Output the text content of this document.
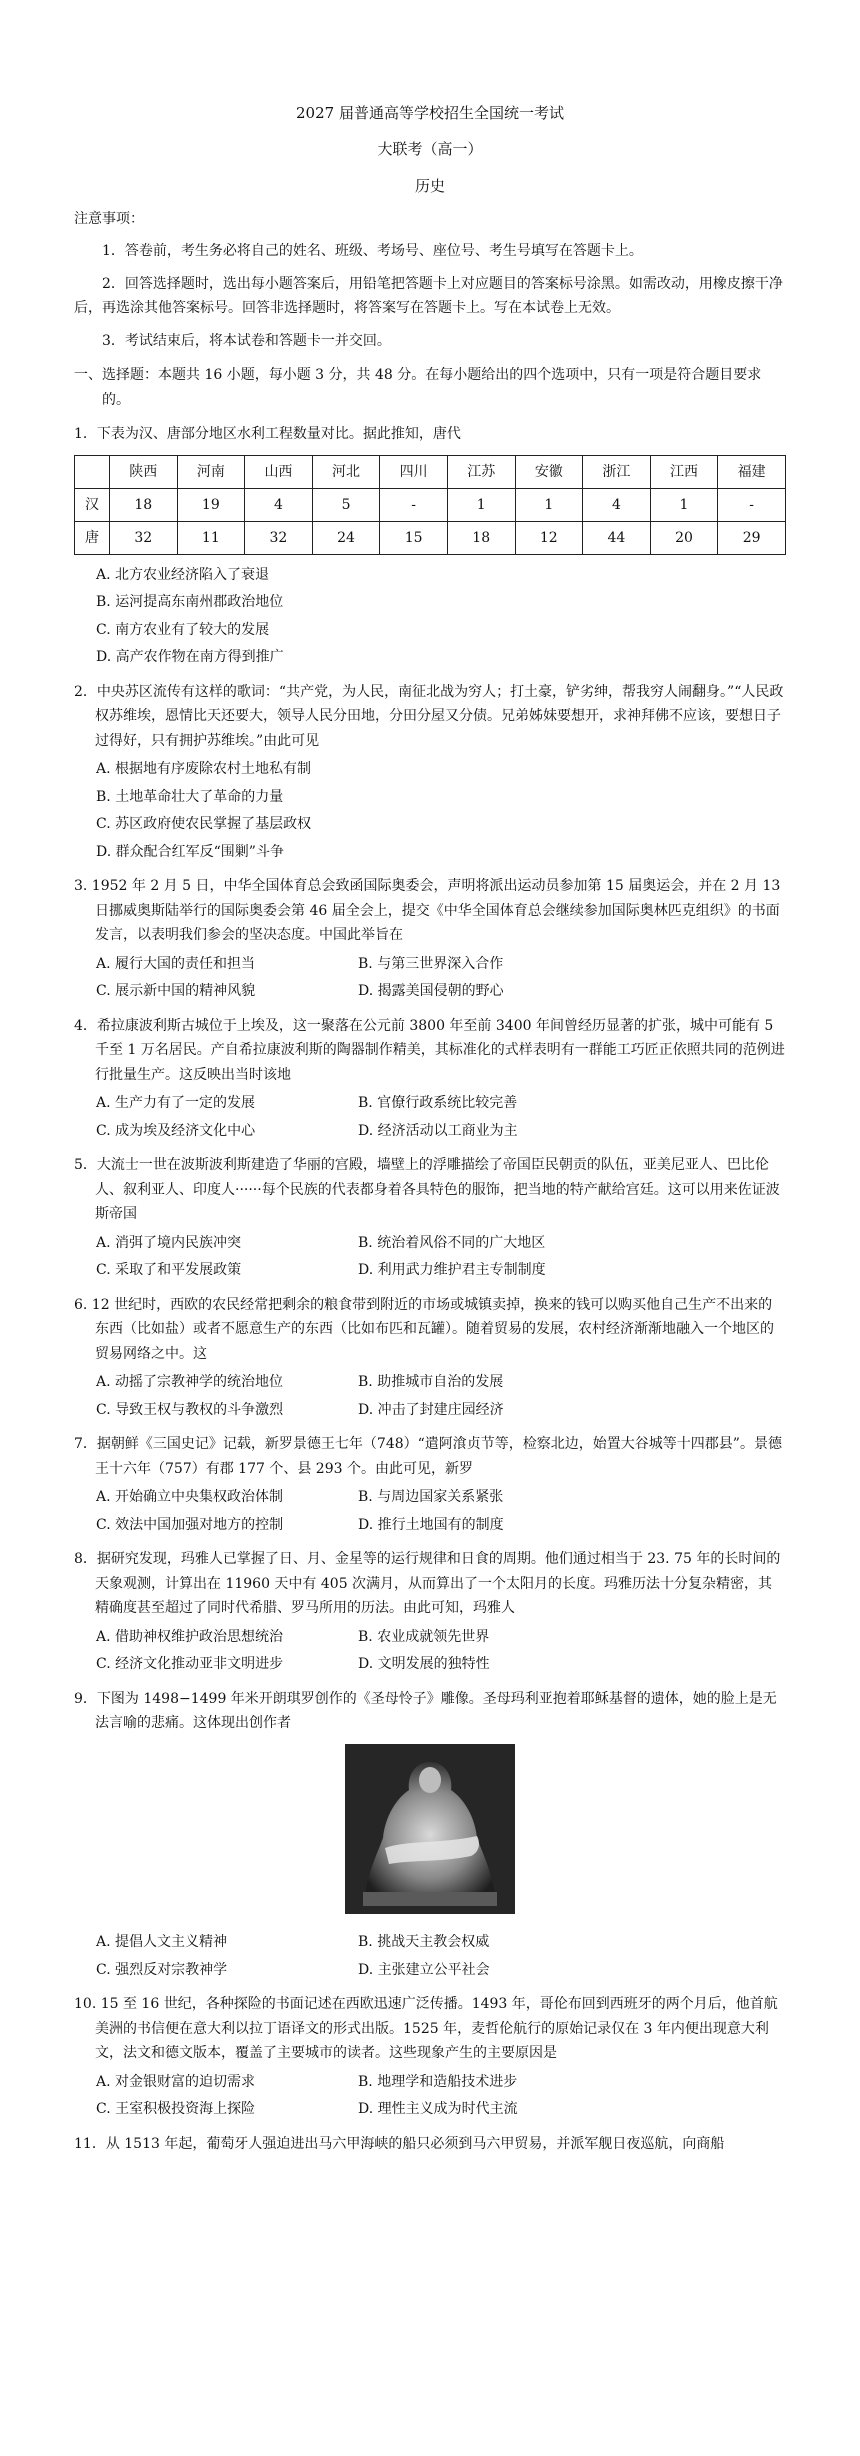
2027 届普通高等学校招生全国统一考试

大联考（高一）

历史

注意事项：
1．答卷前，考生务必将自己的姓名、班级、考场号、座位号、考生号填写在答题卡上。
2．回答选择题时，选出每小题答案后，用铅笔把答题卡上对应题目的答案标号涂黑。如需改动，用橡皮擦干净后，再选涂其他答案标号。回答非选择题时，将答案写在答题卡上。写在本试卷上无效。
3．考试结束后，将本试卷和答题卡一并交回。
一、选择题：本题共 16 小题，每小题 3 分，共 48 分。在每小题给出的四个选项中，只有一项是符合题目要求的。
1．下表为汉、唐部分地区水利工程数量对比。据此推知，唐代
	陕西	河南	山西	河北	四川	江苏	安徽	浙江	江西	福建
汉	18	19	4	5	-	1	1	4	1	-
唐	32	11	32	24	15	18	12	44	20	29
A. 北方农业经济陷入了衰退
B. 运河提高东南州郡政治地位
C. 南方农业有了较大的发展
D. 高产农作物在南方得到推广
2．中央苏区流传有这样的歌词：“共产党，为人民，南征北战为穷人；打土豪，铲劣绅，帮我穷人闹翻身。”“人民政权苏维埃，恩情比天还要大，领导人民分田地，分田分屋又分债。兄弟姊妹要想开，求神拜佛不应该，要想日子过得好，只有拥护苏维埃。”由此可见
A. 根据地有序废除农村土地私有制
B. 土地革命壮大了革命的力量
C. 苏区政府使农民掌握了基层政权
D. 群众配合红军反“围剿”斗争
3. 1952 年 2 月 5 日，中华全国体育总会致函国际奥委会，声明将派出运动员参加第 15 届奥运会，并在 2 月 13 日挪威奥斯陆举行的国际奥委会第 46 届全会上，提交《中华全国体育总会继续参加国际奥林匹克组织》的书面发言，以表明我们参会的坚决态度。中国此举旨在
A. 履行大国的责任和担当	B. 与第三世界深入合作
C. 展示新中国的精神风貌	D. 揭露美国侵朝的野心
4．希拉康波利斯古城位于上埃及，这一聚落在公元前 3800 年至前 3400 年间曾经历显著的扩张，城中可能有 5 千至 1 万名居民。产自希拉康波利斯的陶器制作精美，其标准化的式样表明有一群能工巧匠正依照共同的范例进行批量生产。这反映出当时该地
A. 生产力有了一定的发展	B. 官僚行政系统比较完善
C. 成为埃及经济文化中心	D. 经济活动以工商业为主
5．大流士一世在波斯波利斯建造了华丽的宫殿，墙壁上的浮雕描绘了帝国臣民朝贡的队伍，亚美尼亚人、巴比伦人、叙利亚人、印度人······每个民族的代表都身着各具特色的服饰，把当地的特产献给宫廷。这可以用来佐证波斯帝国
A. 消弭了境内民族冲突	B. 统治着风俗不同的广大地区
C. 采取了和平发展政策	D. 利用武力维护君主专制制度
6. 12 世纪时，西欧的农民经常把剩余的粮食带到附近的市场或城镇卖掉，换来的钱可以购买他自己生产不出来的东西（比如盐）或者不愿意生产的东西（比如布匹和瓦罐）。随着贸易的发展，农村经济渐渐地融入一个地区的贸易网络之中。这
A. 动摇了宗教神学的统治地位	B. 助推城市自治的发展
C. 导致王权与教权的斗争激烈	D. 冲击了封建庄园经济
7．据朝鲜《三国史记》记载，新罗景德王七年（748）“遣阿湌贞节等，检察北边，始置大谷城等十四郡县”。景德王十六年（757）有郡 177 个、县 293 个。由此可见，新罗
A. 开始确立中央集权政治体制	B. 与周边国家关系紧张
C. 效法中国加强对地方的控制	D. 推行土地国有的制度
8．据研究发现，玛雅人已掌握了日、月、金星等的运行规律和日食的周期。他们通过相当于 23. 75 年的长时间的天象观测，计算出在 11960 天中有 405 次满月，从而算出了一个太阳月的长度。玛雅历法十分复杂精密，其精确度甚至超过了同时代希腊、罗马所用的历法。由此可知，玛雅人
A. 借助神权维护政治思想统治	B. 农业成就领先世界
C. 经济文化推动亚非文明进步	D. 文明发展的独特性
9．下图为 1498−1499 年米开朗琪罗创作的《圣母怜子》雕像。圣母玛利亚抱着耶稣基督的遗体，她的脸上是无法言喻的悲痛。这体现出创作者
A. 提倡人文主义精神	B. 挑战天主教会权威
C. 强烈反对宗教神学	D. 主张建立公平社会
10. 15 至 16 世纪，各种探险的书面记述在西欧迅速广泛传播。1493 年，哥伦布回到西班牙的两个月后，他首航美洲的书信便在意大利以拉丁语译文的形式出版。1525 年，麦哲伦航行的原始记录仅在 3 年内便出现意大利文，法文和德文版本，覆盖了主要城市的读者。这些现象产生的主要原因是
A. 对金银财富的迫切需求	B. 地理学和造船技术进步
C. 王室积极投资海上探险	D. 理性主义成为时代主流
11．从 1513 年起，葡萄牙人强迫进出马六甲海峡的船只必须到马六甲贸易，并派军舰日夜巡航，向商船
